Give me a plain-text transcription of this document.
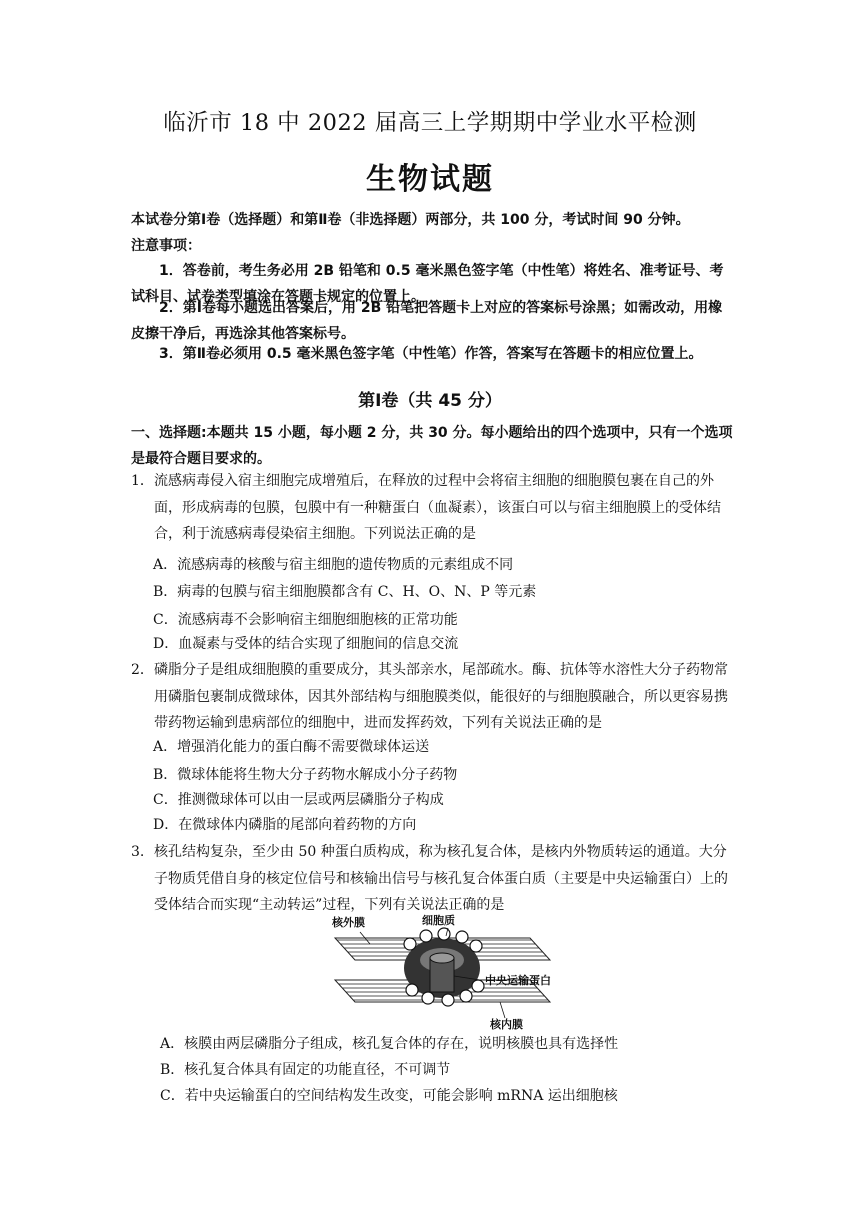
临沂市 18 中 2022 届高三上学期期中学业水平检测
生物试题
本试卷分第Ⅰ卷（选择题）和第Ⅱ卷（非选择题）两部分，共 100 分，考试时间 90 分钟。
注意事项：
1．答卷前，考生务必用 2B 铅笔和 0.5 毫米黑色签字笔（中性笔）将姓名、准考证号、考试科目、试卷类型填涂在答题卡规定的位置上。
2．第Ⅰ卷每小题选出答案后，用 2B 铅笔把答题卡上对应的答案标号涂黑；如需改动，用橡皮擦干净后，再选涂其他答案标号。
3．第Ⅱ卷必须用 0.5 毫米黑色签字笔（中性笔）作答，答案写在答题卡的相应位置上。
第Ⅰ卷（共 45 分）
一、选择题:本题共 15 小题，每小题 2 分，共 30 分。每小题给出的四个选项中，只有一个选项是最符合题目要求的。
1． 流感病毒侵入宿主细胞完成增殖后，在释放的过程中会将宿主细胞的细胞膜包裹在自己的外面，形成病毒的包膜，包膜中有一种糖蛋白（血凝素），该蛋白可以与宿主细胞膜上的受体结合，利于流感病毒侵染宿主细胞。下列说法正确的是
A．流感病毒的核酸与宿主细胞的遗传物质的元素组成不同
B．病毒的包膜与宿主细胞膜都含有 C、H、O、N、P 等元素
C．流感病毒不会影响宿主细胞细胞核的正常功能
D．血凝素与受体的结合实现了细胞间的信息交流
2． 磷脂分子是组成细胞膜的重要成分，其头部亲水，尾部疏水。酶、抗体等水溶性大分子药物常用磷脂包裹制成微球体，因其外部结构与细胞膜类似，能很好的与细胞膜融合，所以更容易携带药物运输到患病部位的细胞中，进而发挥药效，下列有关说法正确的是
A．增强消化能力的蛋白酶不需要微球体运送
B．微球体能将生物大分子药物水解成小分子药物
C．推测微球体可以由一层或两层磷脂分子构成
D．在微球体内磷脂的尾部向着药物的方向
3. 核孔结构复杂，至少由 50 种蛋白质构成，称为核孔复合体，是核内外物质转运的通道。大分子物质凭借自身的核定位信号和核输出信号与核孔复合体蛋白质（主要是中央运输蛋白）上的受体结合而实现“主动转运”过程，下列有关说法正确的是
核外膜	细胞质
中央运输蛋白
核内膜
A．核膜由两层磷脂分子组成，核孔复合体的存在，说明核膜也具有选择性
B．核孔复合体具有固定的功能直径，不可调节
C．若中央运输蛋白的空间结构发生改变，可能会影响 mRNA 运出细胞核
